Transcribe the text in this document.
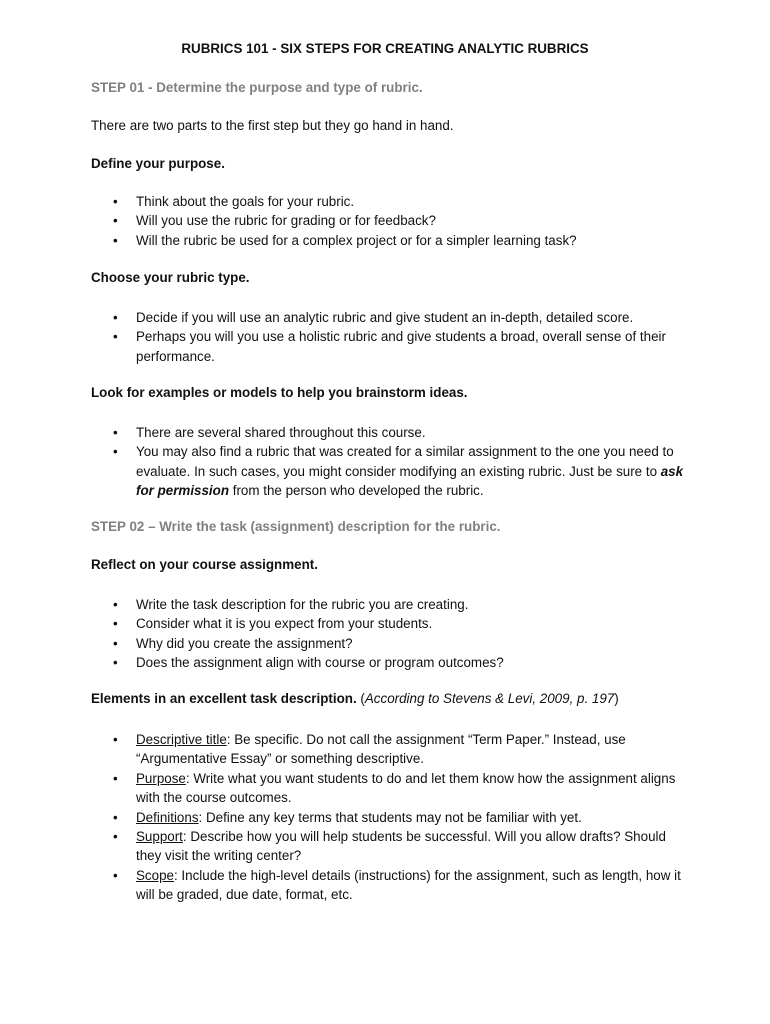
RUBRICS 101 - SIX STEPS FOR CREATING ANALYTIC RUBRICS

STEP 01 - Determine the purpose and type of rubric.

There are two parts to the first step but they go hand in hand.

Define your purpose.

• Think about the goals for your rubric.
• Will you use the rubric for grading or for feedback?
• Will the rubric be used for a complex project or for a simpler learning task?

Choose your rubric type.

• Decide if you will use an analytic rubric and give student an in-depth, detailed score.
• Perhaps you will you use a holistic rubric and give students a broad, overall sense of their performance.

Look for examples or models to help you brainstorm ideas.

• There are several shared throughout this course.
• You may also find a rubric that was created for a similar assignment to the one you need to evaluate. In such cases, you might consider modifying an existing rubric. Just be sure to ask for permission from the person who developed the rubric.

STEP 02 – Write the task (assignment) description for the rubric.

Reflect on your course assignment.

• Write the task description for the rubric you are creating.
• Consider what it is you expect from your students.
• Why did you create the assignment?
• Does the assignment align with course or program outcomes?

Elements in an excellent task description. (According to Stevens & Levi, 2009, p. 197)

• Descriptive title: Be specific. Do not call the assignment “Term Paper.” Instead, use “Argumentative Essay” or something descriptive.
• Purpose: Write what you want students to do and let them know how the assignment aligns with the course outcomes.
• Definitions: Define any key terms that students may not be familiar with yet.
• Support: Describe how you will help students be successful. Will you allow drafts? Should they visit the writing center?
• Scope: Include the high-level details (instructions) for the assignment, such as length, how it will be graded, due date, format, etc.
